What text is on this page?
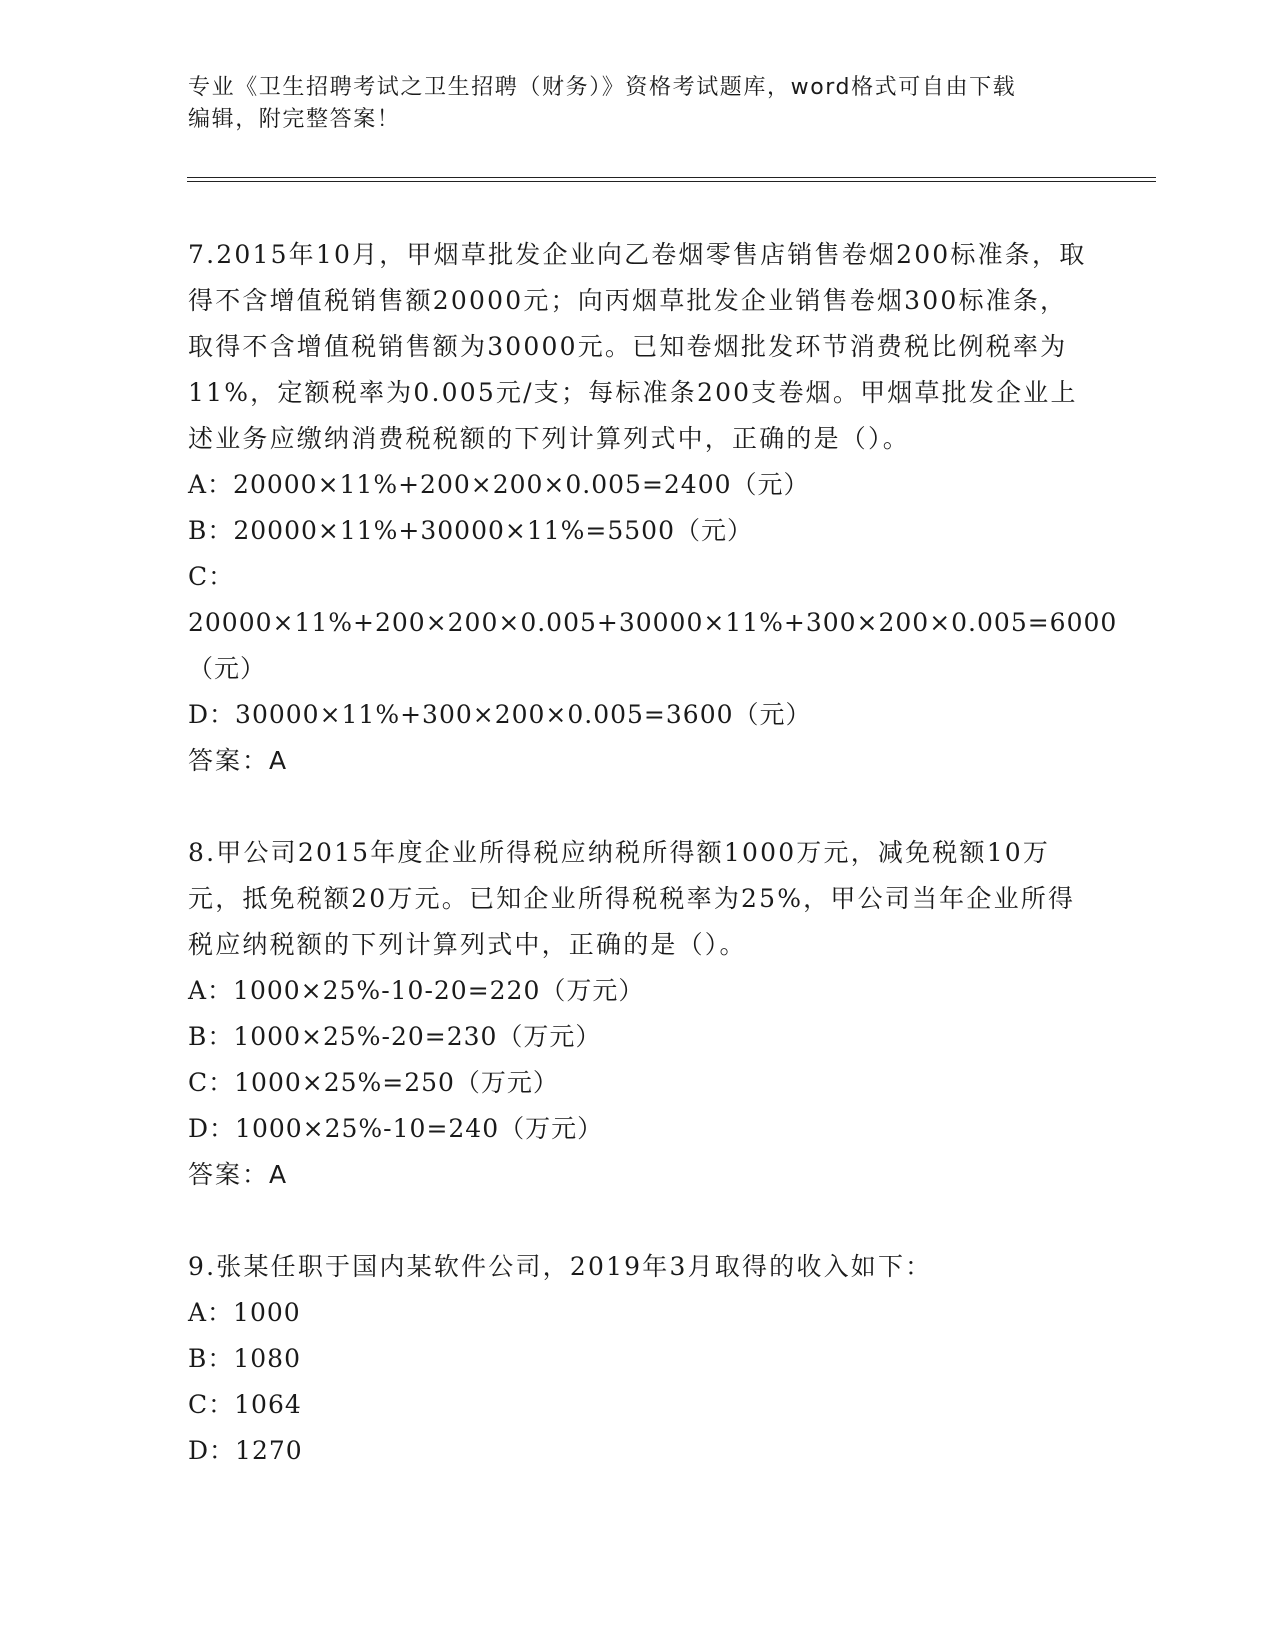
专业《卫生招聘考试之卫生招聘（财务）》资格考试题库，word格式可自由下载
编辑，附完整答案！

7.2015年10月，甲烟草批发企业向乙卷烟零售店销售卷烟200标准条，取得不含增值税销售额20000元；向丙烟草批发企业销售卷烟300标准条，取得不含增值税销售额为30000元。已知卷烟批发环节消费税比例税率为11%，定额税率为0.005元/支；每标准条200支卷烟。甲烟草批发企业上述业务应缴纳消费税税额的下列计算列式中，正确的是（）。

A：20000×11%+200×200×0.005=2400（元）

B：20000×11%+30000×11%=5500（元）

C：20000×11%+200×200×0.005+30000×11%+300×200×0.005=6000（元）

D：30000×11%+300×200×0.005=3600（元）

答案：A

8.甲公司2015年度企业所得税应纳税所得额1000万元，减免税额10万元，抵免税额20万元。已知企业所得税税率为25%，甲公司当年企业所得税应纳税额的下列计算列式中，正确的是（）。

A：1000×25%-10-20=220（万元）

B：1000×25%-20=230（万元）

C：1000×25%=250（万元）

D：1000×25%-10=240（万元）

答案：A

9.张某任职于国内某软件公司，2019年3月取得的收入如下：

A：1000

B：1080

C：1064

D：1270
